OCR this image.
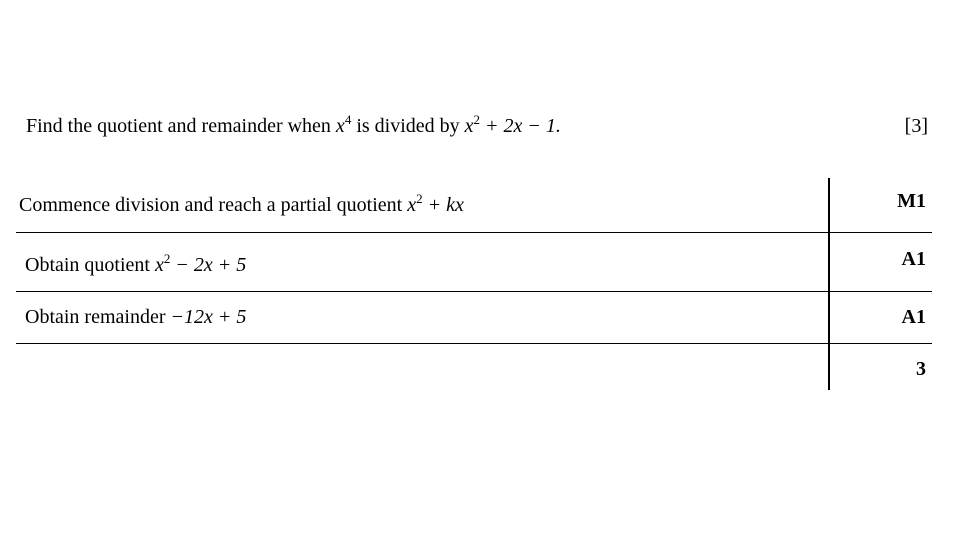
Find the quotient and remainder when $x^4$ is divided by $x^2 + 2x - 1$.	[3]
Commence division and reach a partial quotient $x^2$ + kx	M1
Obtain quotient $x^2 - 2x + 5$	A1
Obtain remainder −12x + 5	A1
	3
